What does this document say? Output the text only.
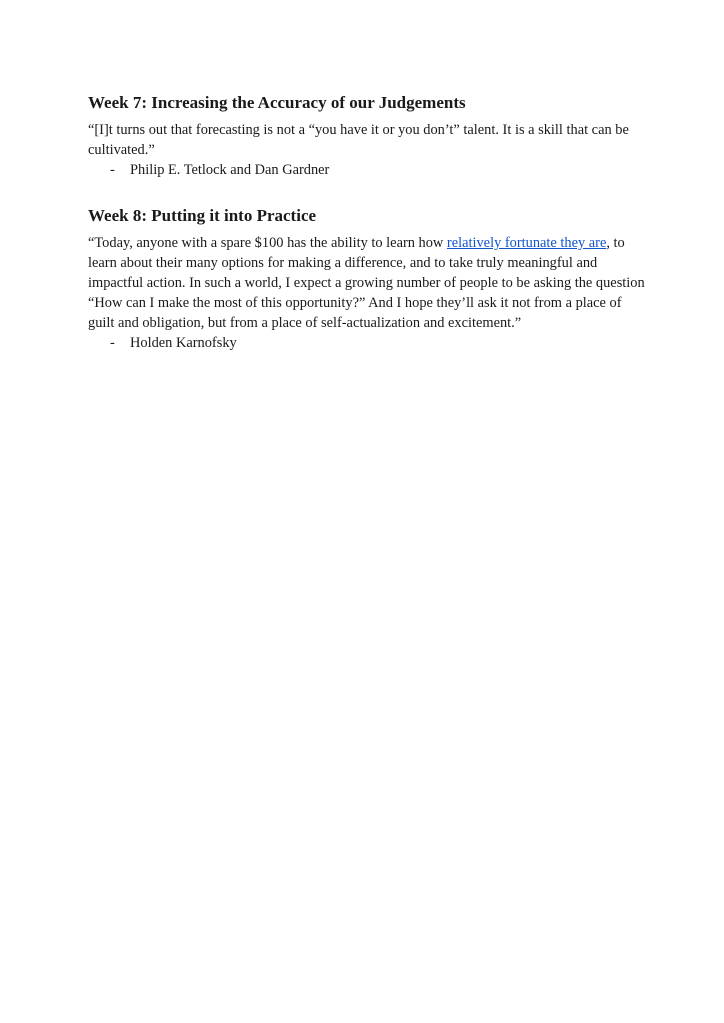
Week 7: Increasing the Accuracy of our Judgements

“[I]t turns out that forecasting is not a “you have it or you don’t” talent. It is a skill that can be cultivated.”

-	Philip E. Tetlock and Dan Gardner
Week 8: Putting it into Practice

“Today, anyone with a spare $100 has the ability to learn how relatively fortunate they are, to learn about their many options for making a difference, and to take truly meaningful and impactful action. In such a world, I expect a growing number of people to be asking the question “How can I make the most of this opportunity?” And I hope they’ll ask it not from a place of guilt and obligation, but from a place of self-actualization and excitement.”

-	Holden Karnofsky
